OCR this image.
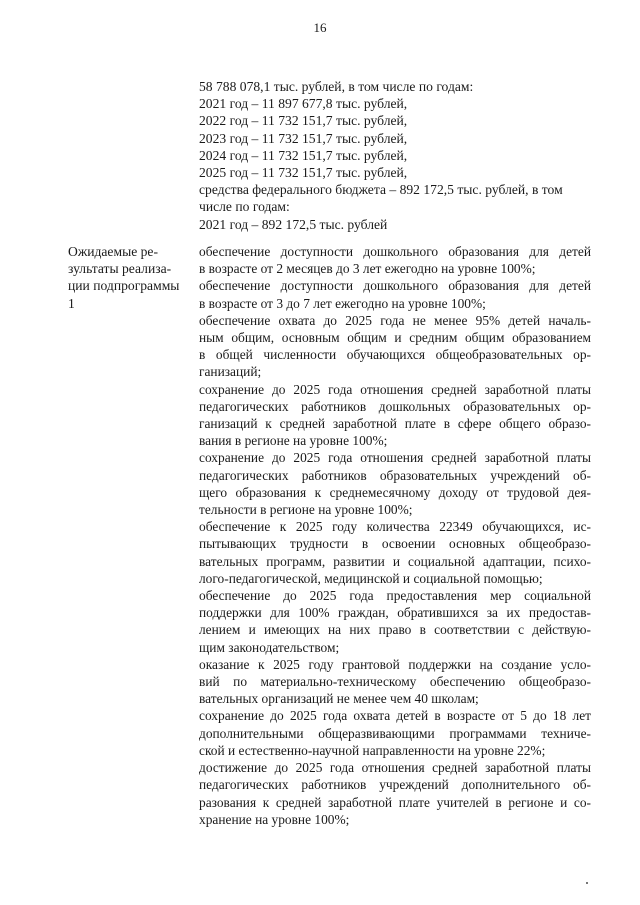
16
58 788 078,1 тыс. рублей, в том числе по годам:
2021 год – 11 897 677,8 тыс. рублей,
2022 год – 11 732 151,7 тыс. рублей,
2023 год – 11 732 151,7 тыс. рублей,
2024 год – 11 732 151,7 тыс. рублей,
2025 год – 11 732 151,7 тыс. рублей,
средства федерального бюджета – 892 172,5 тыс. рублей, в том
числе по годам:
2021 год – 892 172,5 тыс. рублей
Ожидаемые ре-
зультаты реализа-
ции подпрограммы
1
обеспечение доступности дошкольного образования для детей
в возрасте от 2 месяцев до 3 лет ежегодно на уровне 100%;
обеспечение доступности дошкольного образования для детей
в возрасте от 3 до 7 лет ежегодно на уровне 100%;
обеспечение охвата до 2025 года не менее 95% детей началь-
ным общим, основным общим и средним общим образованием
в общей численности обучающихся общеобразовательных ор-
ганизаций;
сохранение до 2025 года отношения средней заработной платы
педагогических работников дошкольных образовательных ор-
ганизаций к средней заработной плате в сфере общего образо-
вания в регионе на уровне 100%;
сохранение до 2025 года отношения средней заработной платы
педагогических работников образовательных учреждений об-
щего образования к среднемесячному доходу от трудовой дея-
тельности в регионе на уровне 100%;
обеспечение к 2025 году количества 22349 обучающихся, ис-
пытывающих трудности в освоении основных общеобразо-
вательных программ, развитии и социальной адаптации, психо-
лого-педагогической, медицинской и социальной помощью;
обеспечение до 2025 года предоставления мер социальной
поддержки для 100% граждан, обратившихся за их предостав-
лением и имеющих на них право в соответствии с действую-
щим законодательством;
оказание к 2025 году грантовой поддержки на создание усло-
вий по материально-техническому обеспечению общеобразо-
вательных организаций не менее чем 40 школам;
сохранение до 2025 года охвата детей в возрасте от 5 до 18 лет
дополнительными общеразвивающими программами техниче-
ской и естественно-научной направленности на уровне 22%;
достижение до 2025 года отношения средней заработной платы
педагогических работников учреждений дополнительного об-
разования к средней заработной плате учителей в регионе и со-
хранение на уровне 100%;
